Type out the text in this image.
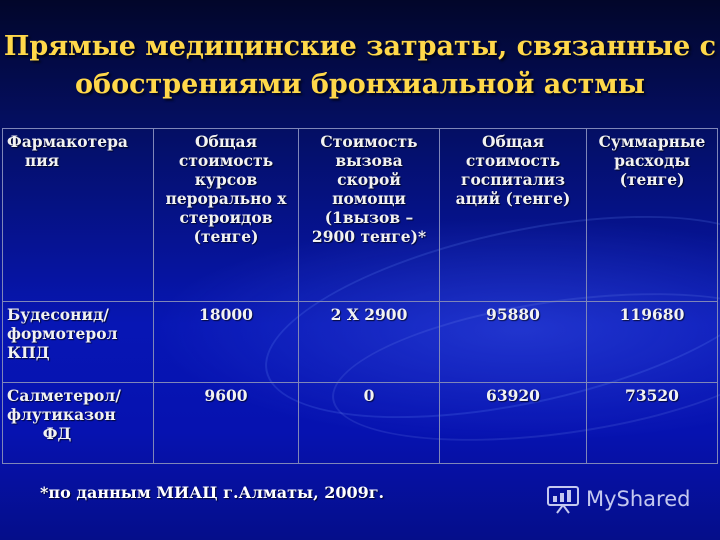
Прямые медицинские затраты, связанные с
обострениями бронхиальной астмы
Фармакотера
пия	Общая стоимость курсов перорально х стероидов (тенге)	Стоимость вызова скорой помощи (1вызов – 2900 тенге)*	Общая стоимость госпитализ аций (тенге)	Суммарные расходы (тенге)

Будесонид/
формотерол
КПД	18000	2 Х 2900	95880	119680

Салметерол/
флутиказон
ФД	9600	0	63920	73520
*по данным МИАЦ г.Алматы, 2009г.	MyShared
